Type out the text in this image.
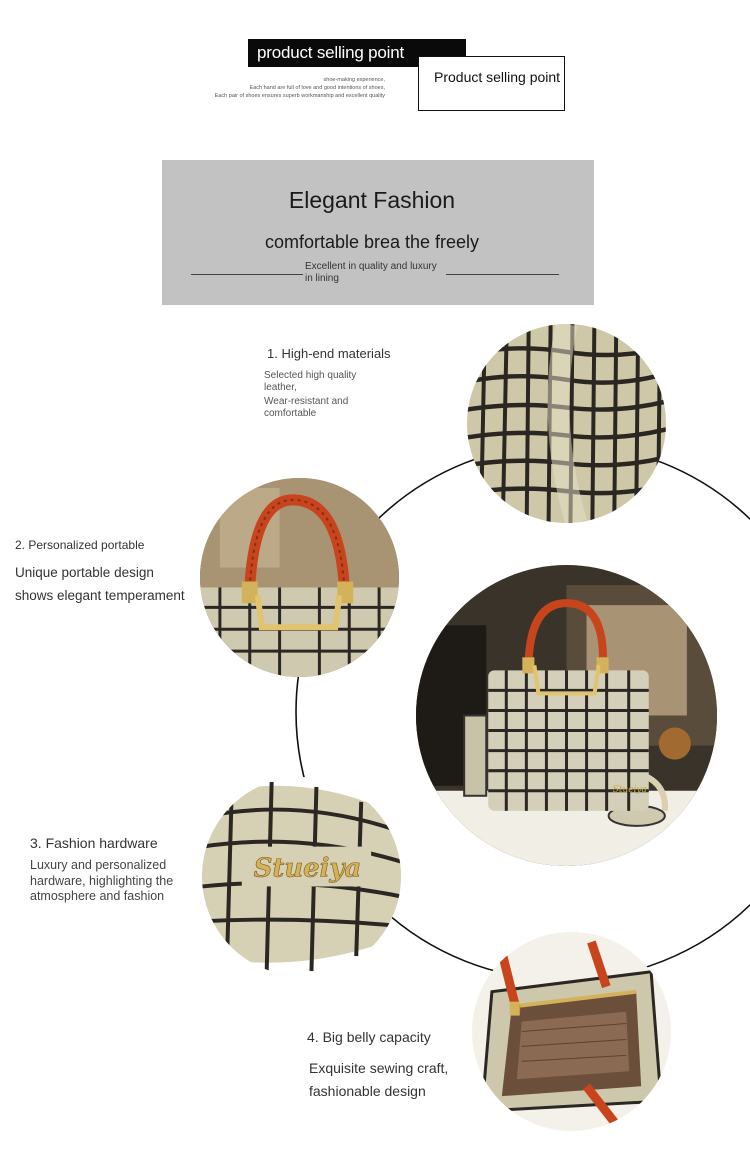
product selling point
Product selling point
shoe-making experience,
Each hand are full of love and good intentions of shoes,
Each pair of shoes ensures superb workmanship and excellent quality
Elegant Fashion
comfortable brea the freely
Excellent in quality and luxury in lining
1. High-end materials
Selected high quality leather,
Wear-resistant and comfortable
2. Personalized portable
Unique portable design
shows elegant temperament
3. Fashion hardware
Luxury and personalized hardware, highlighting the atmosphere and fashion
4. Big belly capacity
Exquisite sewing craft,
fashionable design
Stueiya
Stueiya
